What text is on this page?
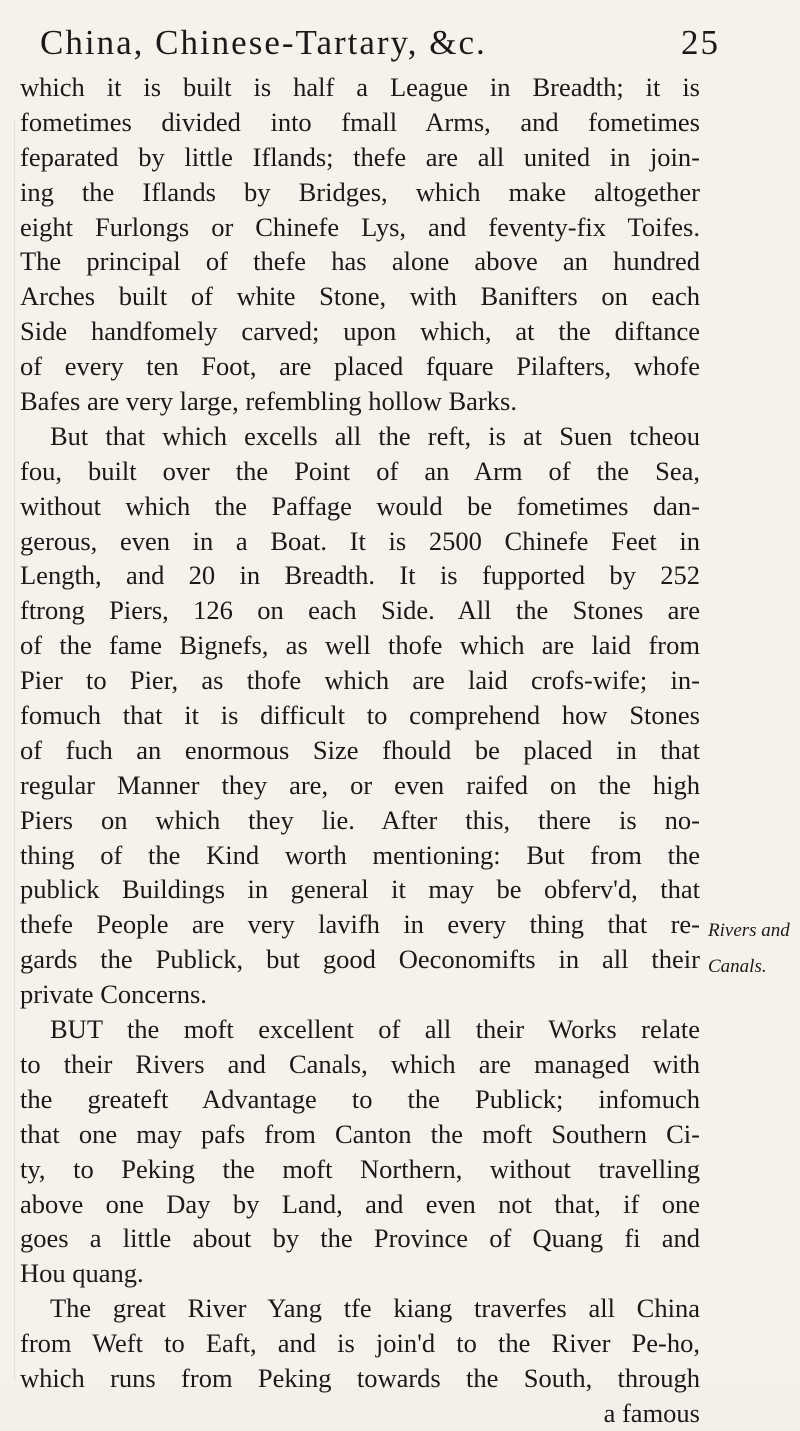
China, Chinese-Tartary, &c.	25
which it is built is half a League in Breadth; it is
fometimes divided into fmall Arms, and fometimes
feparated by little Iflands; thefe are all united in join-
ing the Iflands by Bridges, which make altogether
eight Furlongs or Chinefe Lys, and feventy-fix Toifes.
The principal of thefe has alone above an hundred
Arches built of white Stone, with Banifters on each
Side handfomely carved; upon which, at the diftance
of every ten Foot, are placed fquare Pilafters, whofe
Bafes are very large, refembling hollow Barks.
But that which excells all the reft, is at Suen tcheou
fou, built over the Point of an Arm of the Sea,
without which the Paffage would be fometimes dan-
gerous, even in a Boat. It is 2500 Chinefe Feet in
Length, and 20 in Breadth. It is fupported by 252
ftrong Piers, 126 on each Side. All the Stones are
of the fame Bignefs, as well thofe which are laid from
Pier to Pier, as thofe which are laid crofs-wife; in-
fomuch that it is difficult to comprehend how Stones
of fuch an enormous Size fhould be placed in that
regular Manner they are, or even raifed on the high
Piers on which they lie. After this, there is no-
thing of the Kind worth mentioning: But from the
publick Buildings in general it may be obferv'd, that
thefe People are very lavifh in every thing that re-
gards the Publick, but good Oeconomifts in all their
private Concerns.
BUT the moft excellent of all their Works relate
to their Rivers and Canals, which are managed with
the greateft Advantage to the Publick; infomuch
that one may pafs from Canton the moft Southern Ci-
ty, to Peking the moft Northern, without travelling
above one Day by Land, and even not that, if one
goes a little about by the Province of Quang fi and
Hou quang.
The great River Yang tfe kiang traverfes all China
from Weft to Eaft, and is join'd to the River Pe-ho,
which runs from Peking towards the South, through
a famous
Rivers and
Canals.
